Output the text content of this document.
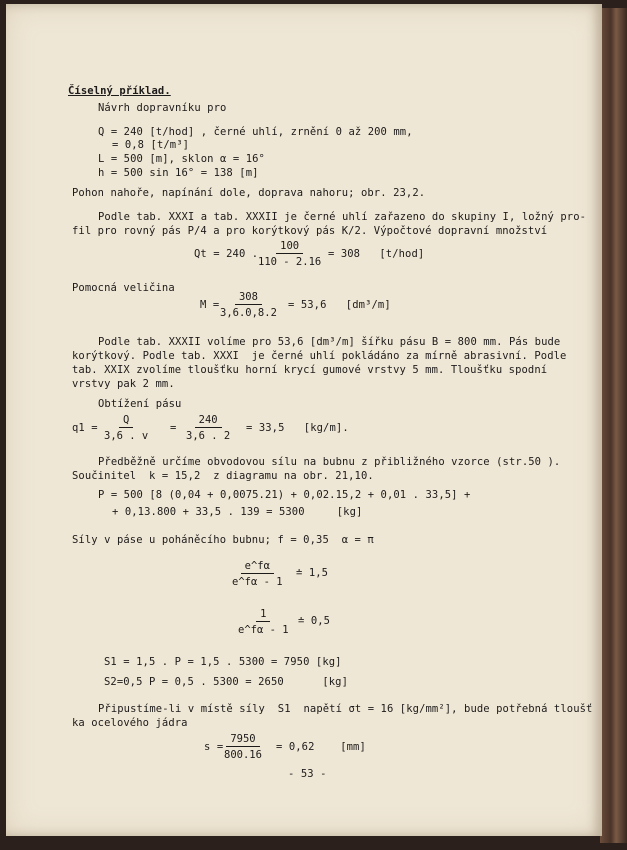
Číselný příklad.
Návrh dopravníku pro
Q = 240 [t/hod] , černé uhlí, zrnění 0 až 200 mm,
= 0,8 [t/m³]
L = 500 [m], sklon α = 16°
h = 500 sin 16° = 138 [m]
Pohon nahoře, napínání dole, doprava nahoru; obr. 23,2.
Podle tab. XXXI a tab. XXXII je černé uhlí zařazeno do skupiny I, ložný pro-
fil pro rovný pás P/4 a pro korýtkový pás K/2. Výpočtové dopravní množství
Qt = 240 . $\frac{100}{110 - 2.16} = 308$   [t/hod]
Pomocná veličina
$M = \frac{308}{3,6.0,8.2} = 53,6$   [dm³/m]
Podle tab. XXXII volíme pro 53,6 [dm³/m] šířku pásu B = 800 mm. Pás bude
korýtkový. Podle tab. XXXI  je černé uhlí pokládáno za mírně abrasivní. Podle
tab. XXIX zvolíme tloušťku horní krycí gumové vrstvy 5 mm. Tloušťku spodní
vrstvy pak 2 mm.
Obtížení pásu
$q1 = \frac{Q}{3,6 . v} = \frac{240}{3,6 . 2} = 33,5$   [kg/m].
Předběžně určíme obvodovou sílu na bubnu z přibližného vzorce (str.50 ).
Součinitel  k = 15,2  z diagramu na obr. 21,10.
P = 500 [8 (0,04 + 0,0075.21) + 0,02.15,2 + 0,01 . 33,5] +
+ 0,13.800 + 33,5 . 139 = 5300     [kg]
Síly v páse u poháněcího bubnu; f = 0,35  α = π
$\frac{e\^{}f\alpha}{e\^{}f\alpha - 1}$ ≐ 1,5
$\frac{1}{e\^{}f\alpha - 1}$ ≐ 0,5
S1 = 1,5 . P = 1,5 . 5300 = 7950 [kg]
S2=0,5 P = 0,5 . 5300 = 2650      [kg]
Připustíme-li v místě síly  S1  napětí σt = 16 [kg/mm²], bude potřebná tloušť
ka ocelového jádra
$s = \frac{7950}{800.16} = 0,62$    [mm]
- 53 -
